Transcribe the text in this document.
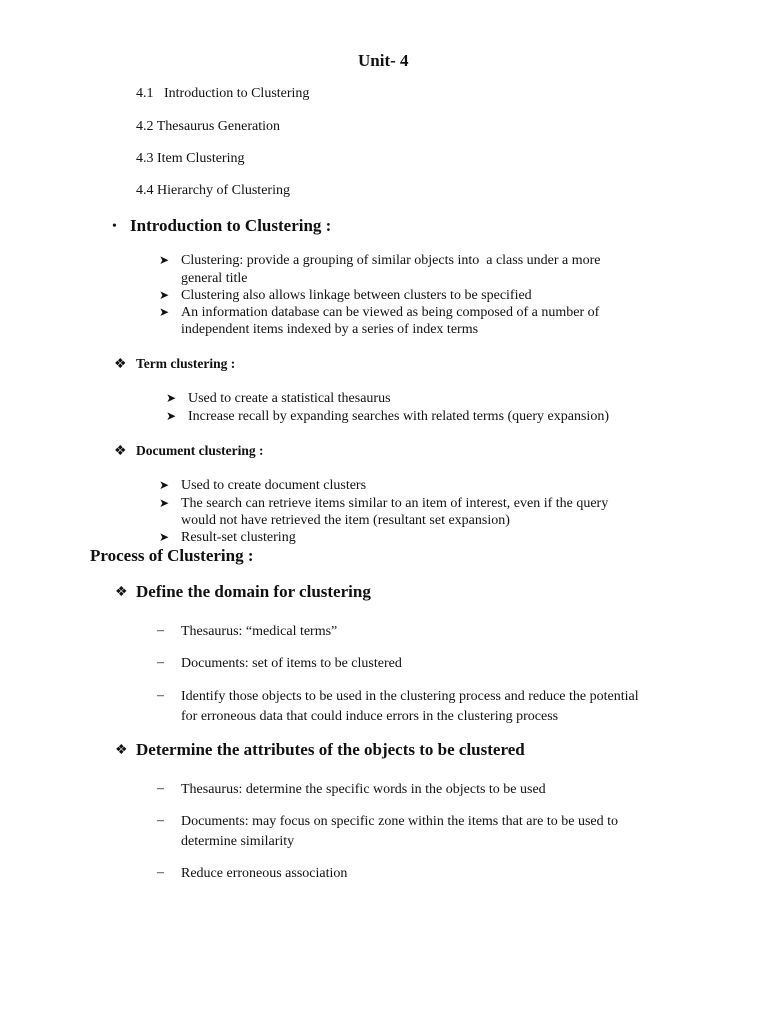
Unit- 4
4.1   Introduction to Clustering
4.2 Thesaurus Generation
4.3 Item Clustering
4.4 Hierarchy of Clustering
• Introduction to Clustering :
➤ Clustering: provide a grouping of similar objects into  a class under a more
general title
➤ Clustering also allows linkage between clusters to be specified
➤ An information database can be viewed as being composed of a number of
independent items indexed by a series of index terms
❖ Term clustering :
➤ Used to create a statistical thesaurus
➤ Increase recall by expanding searches with related terms (query expansion)
❖ Document clustering :
➤ Used to create document clusters
➤ The search can retrieve items similar to an item of interest, even if the query
would not have retrieved the item (resultant set expansion)
➤ Result-set clustering
Process of Clustering :
❖ Define the domain for clustering
– Thesaurus: “medical terms”
– Documents: set of items to be clustered
– Identify those objects to be used in the clustering process and reduce the potential
for erroneous data that could induce errors in the clustering process
❖ Determine the attributes of the objects to be clustered
– Thesaurus: determine the specific words in the objects to be used
– Documents: may focus on specific zone within the items that are to be used to
determine similarity
– Reduce erroneous association
